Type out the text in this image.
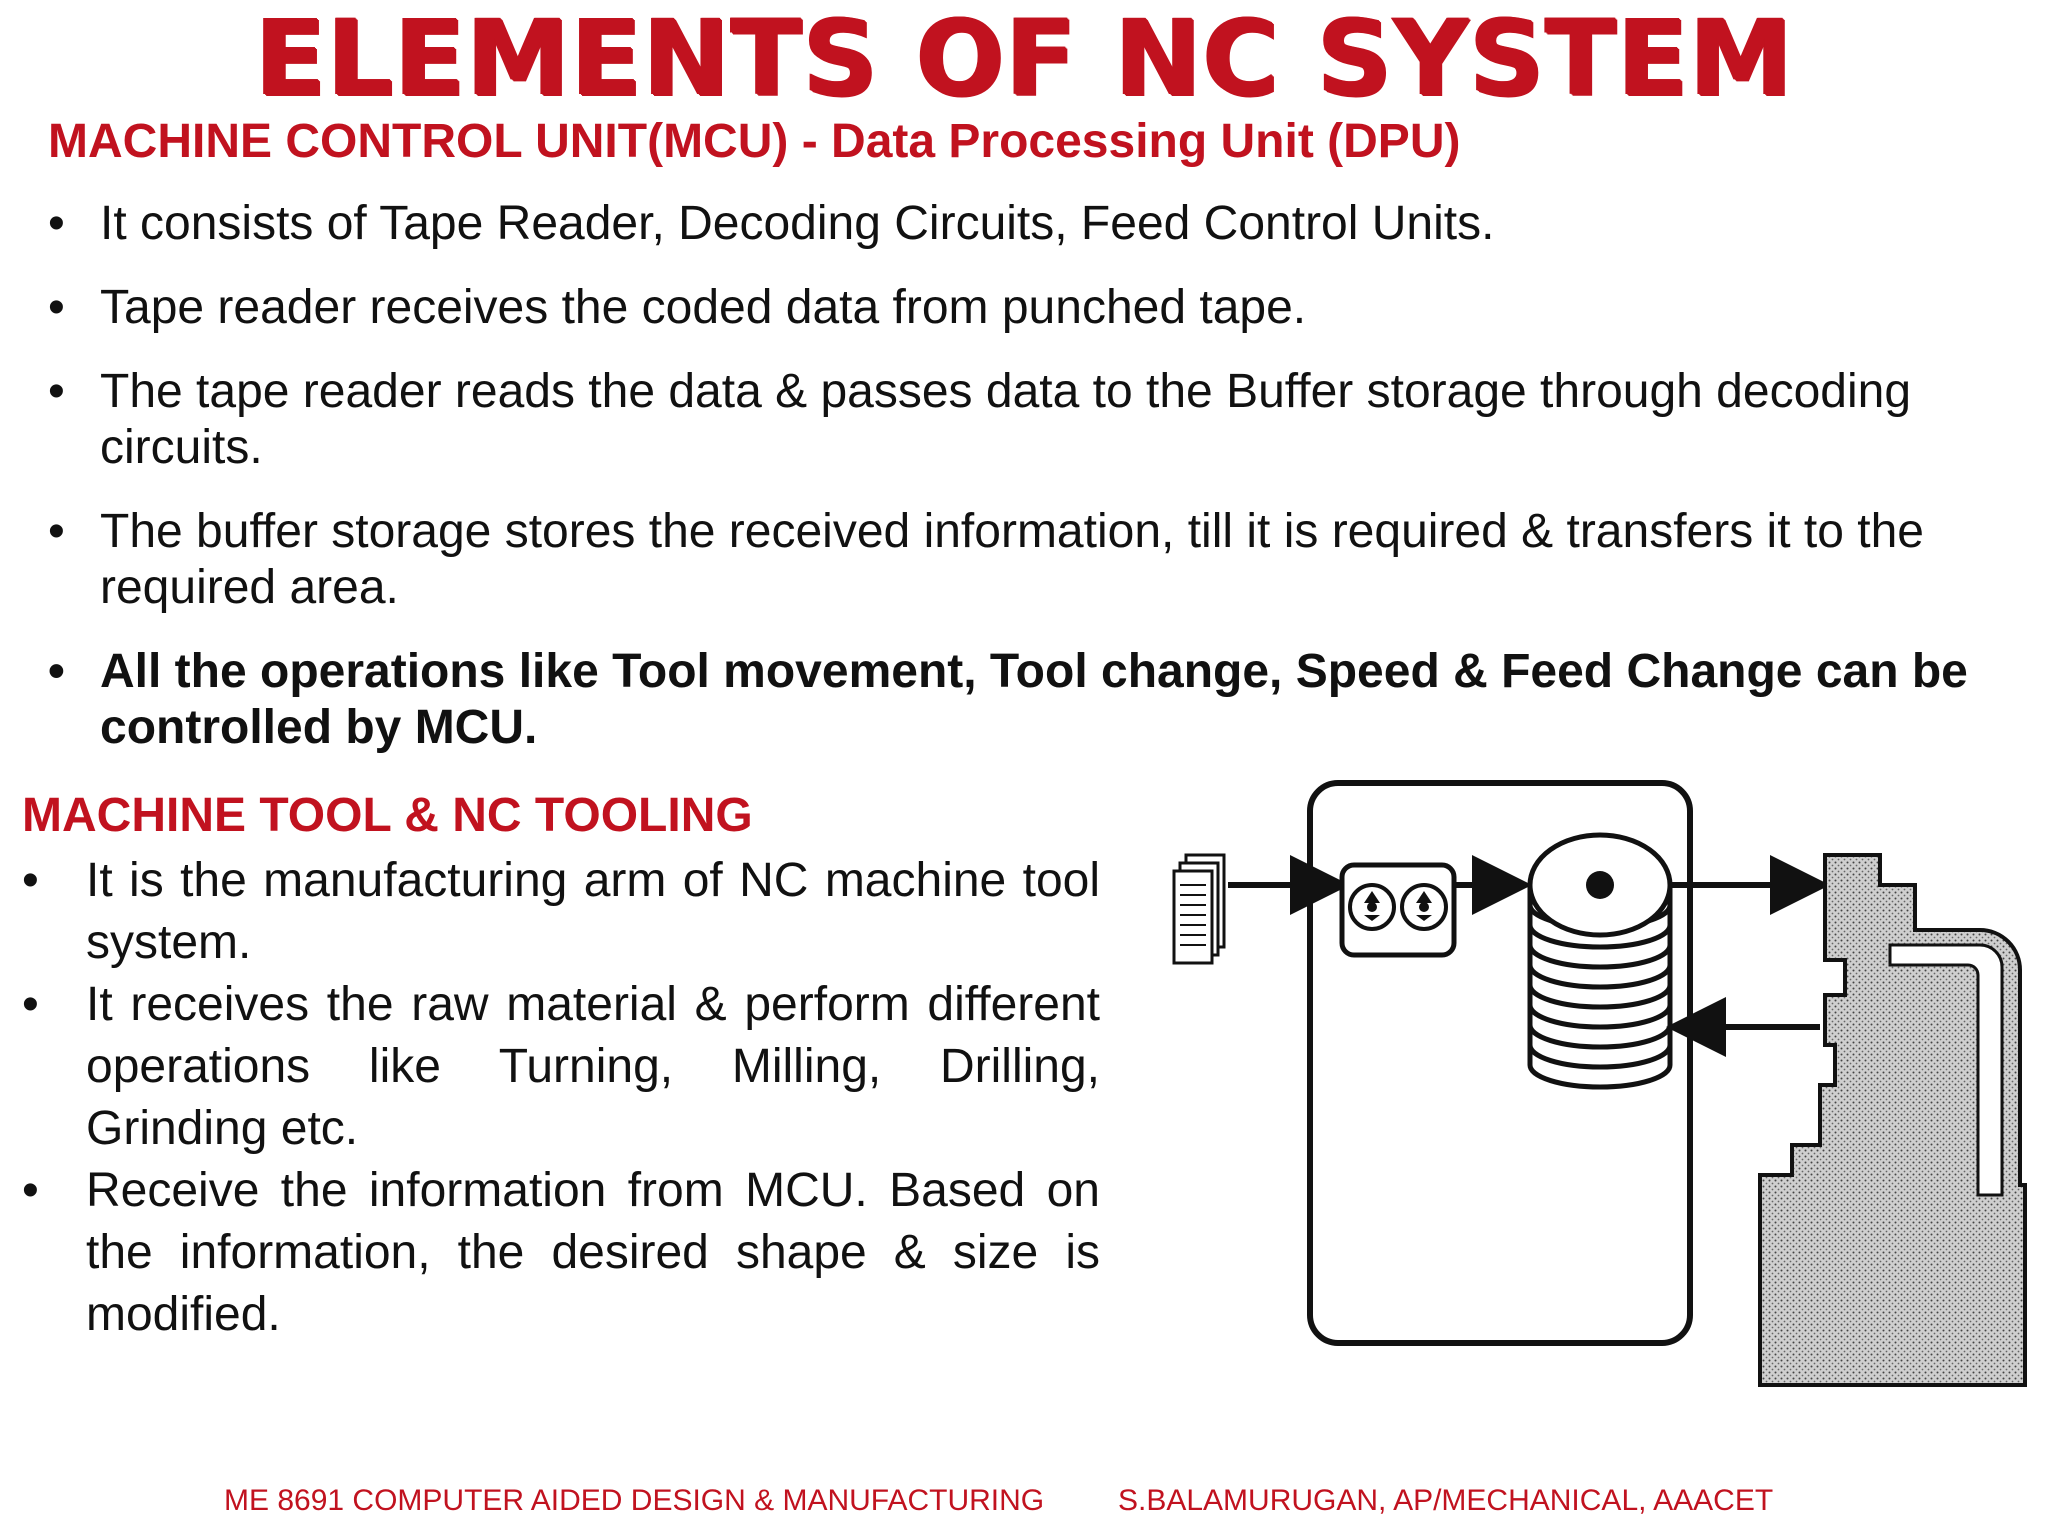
ELEMENTS OF NC SYSTEM
MACHINE CONTROL UNIT(MCU) - Data Processing Unit (DPU)
• It consists of Tape Reader, Decoding Circuits, Feed Control Units.
• Tape reader receives the coded data from punched tape.
• The tape reader reads the data & passes data to the Buffer storage through decoding circuits.
• The buffer storage stores the received information, till it is required & transfers it to the required area.
• All the operations like Tool movement, Tool change, Speed & Feed Change can be controlled by MCU.
MACHINE TOOL & NC TOOLING
• It is the manufacturing arm of NC machine tool system.
• It receives the raw material & perform different operations like Turning, Milling, Drilling, Grinding etc.
• Receive the information from MCU. Based on the information, the desired shape & size is modified.
ME 8691 COMPUTER AIDED DESIGN & MANUFACTURING S.BALAMURUGAN, AP/MECHANICAL, AAACET
